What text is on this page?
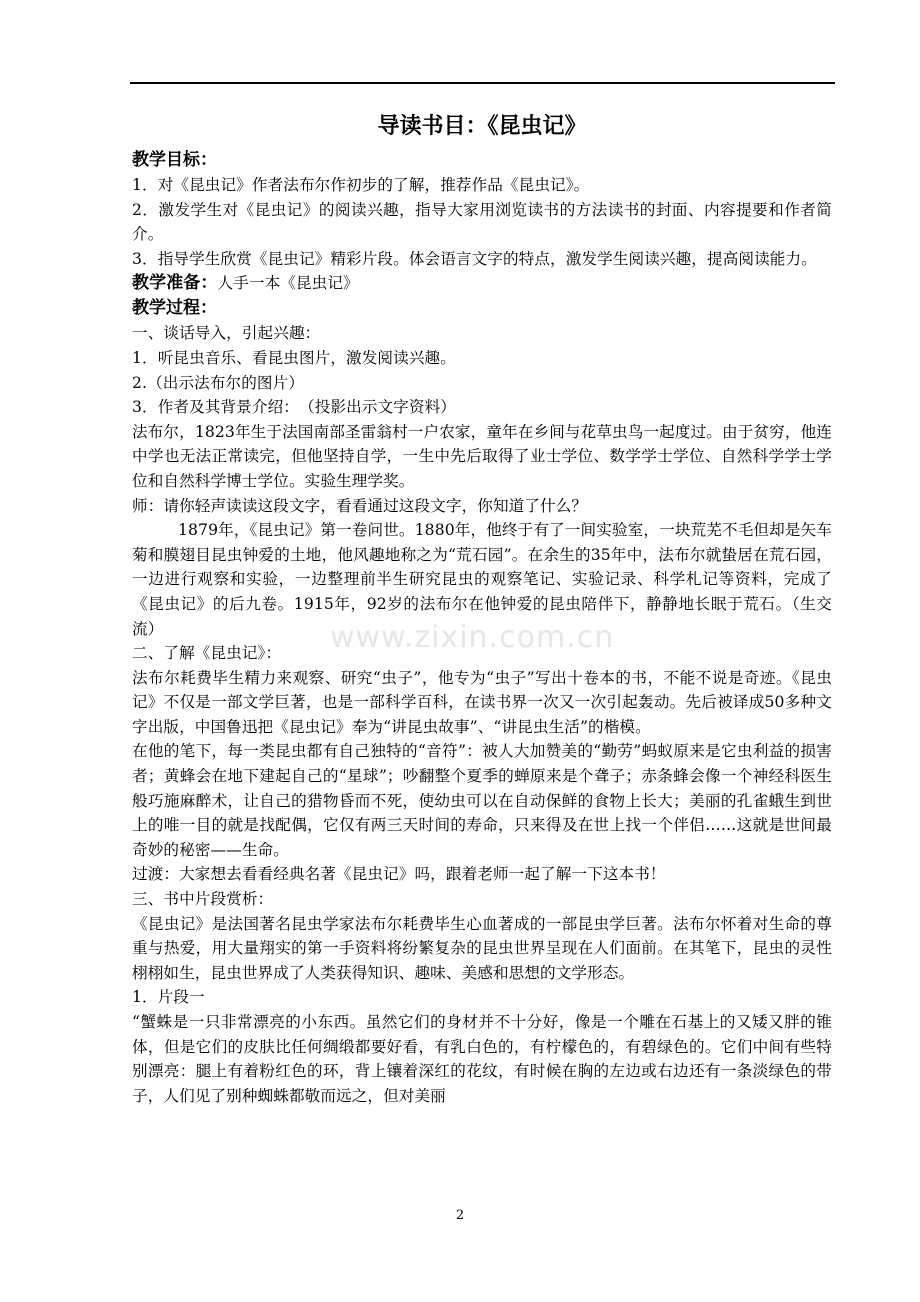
导读书目：《昆虫记》

教学目标：

1．对《昆虫记》作者法布尔作初步的了解，推荐作品《昆虫记》。

2．激发学生对《昆虫记》的阅读兴趣，指导大家用浏览读书的方法读书的封面、内容提要和作者简介。

3．指导学生欣赏《昆虫记》精彩片段。体会语言文字的特点，激发学生阅读兴趣，提高阅读能力。

教学准备：人手一本《昆虫记》

教学过程：

一、谈话导入，引起兴趣：

1．听昆虫音乐、看昆虫图片，激发阅读兴趣。

2.（出示法布尔的图片）

3．作者及其背景介绍：　（投影出示文字资料）

法布尔，1823年生于法国南部圣雷翁村一户农家，童年在乡间与花草虫鸟一起度过。由于贫穷，他连中学也无法正常读完，但他坚持自学，一生中先后取得了业士学位、数学学士学位、自然科学学士学位和自然科学博士学位。实验生理学奖。

师：请你轻声读读这段文字，看看通过这段文字，你知道了什么？

1879年，《昆虫记》第一卷问世。1880年，他终于有了一间实验室，一块荒芜不毛但却是矢车菊和膜翅目昆虫钟爱的土地，他风趣地称之为“荒石园”。在余生的35年中，法布尔就蛰居在荒石园，一边进行观察和实验，一边整理前半生研究昆虫的观察笔记、实验记录、科学札记等资料，完成了《昆虫记》的后九卷。1915年，92岁的法布尔在他钟爱的昆虫陪伴下，静静地长眠于荒石。（生交流）

二、了解《昆虫记》：

法布尔耗费毕生精力来观察、研究“虫子”，他专为“虫子”写出十卷本的书，不能不说是奇迹。《昆虫记》不仅是一部文学巨著，也是一部科学百科，在读书界一次又一次引起轰动。先后被译成50多种文字出版，中国鲁迅把《昆虫记》奉为“讲昆虫故事”、“讲昆虫生活”的楷模。

在他的笔下，每一类昆虫都有自己独特的“音符”：被人大加赞美的“勤劳”蚂蚁原来是它虫利益的损害者；黄蜂会在地下建起自己的“星球”；吵翻整个夏季的蝉原来是个聋子；赤条蜂会像一个神经科医生般巧施麻醉术，让自己的猎物昏而不死，使幼虫可以在自动保鲜的食物上长大；美丽的孔雀蛾生到世上的唯一目的就是找配偶，它仅有两三天时间的寿命，只来得及在世上找一个伴侣……这就是世间最奇妙的秘密——生命。

过渡：大家想去看看经典名著《昆虫记》吗，跟着老师一起了解一下这本书！

三、书中片段赏析：

《昆虫记》是法国著名昆虫学家法布尔耗费毕生心血著成的一部昆虫学巨著。法布尔怀着对生命的尊重与热爱，用大量翔实的第一手资料将纷繁复杂的昆虫世界呈现在人们面前。在其笔下，昆虫的灵性栩栩如生，昆虫世界成了人类获得知识、趣味、美感和思想的文学形态。

1．片段一

“蟹蛛是一只非常漂亮的小东西。虽然它们的身材并不十分好，像是一个雕在石基上的又矮又胖的锥体，但是它们的皮肤比任何绸缎都要好看，有乳白色的，有柠檬色的，有碧绿色的。它们中间有些特别漂亮：腿上有着粉红色的环，背上镶着深红的花纹，有时候在胸的左边或右边还有一条淡绿色的带子，人们见了别种蜘蛛都敬而远之，但对美丽

www.zixin.com.cn
2
